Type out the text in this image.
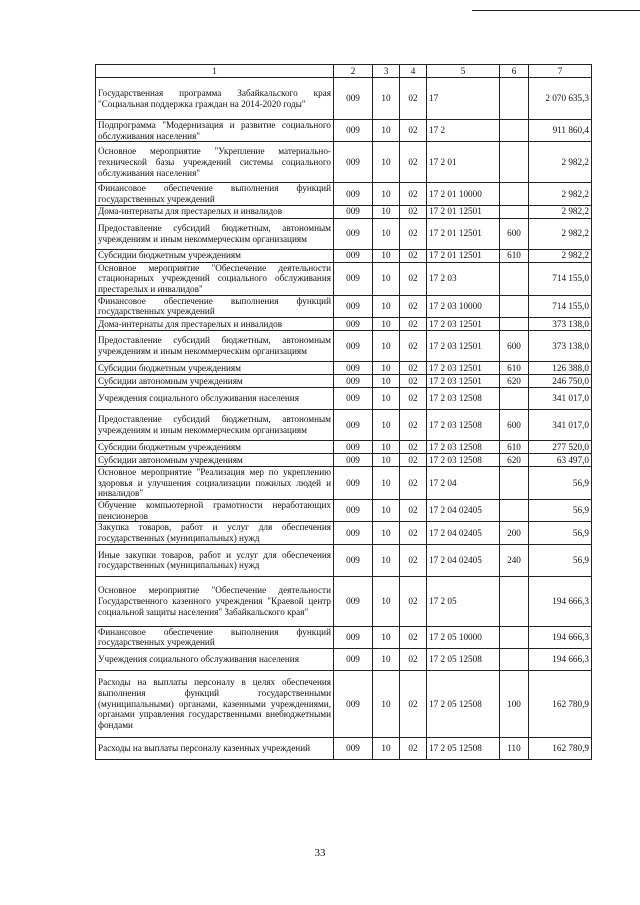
1	2	3	4	5	6	7
Государственная программа Забайкальского края "Социальная поддержка граждан на 2014-2020 годы"	009	10	02	17		2 070 635,3
Подпрограмма "Модернизация и развитие социального обслуживания населения"	009	10	02	17 2		911 860,4
Основное мероприятие "Укрепление материально-технической базы учреждений системы социального обслуживания населения"	009	10	02	17 2 01		2 982,2
Финансовое обеспечение выполнения функций государственных учреждений	009	10	02	17 2 01 10000		2 982,2
Дома-интернаты для престарелых и инвалидов	009	10	02	17 2 01 12501		2 982,2
Предоставление субсидий бюджетным, автономным учреждениям и иным некоммерческим организациям	009	10	02	17 2 01 12501	600	2 982,2
Субсидии бюджетным учреждениям	009	10	02	17 2 01 12501	610	2 982,2
Основное мероприятие "Обеспечение деятельности стационарных учреждений социального обслуживания престарелых и инвалидов"	009	10	02	17 2 03		714 155,0
Финансовое обеспечение выполнения функций государственных учреждений	009	10	02	17 2 03 10000		714 155,0
Дома-интернаты для престарелых и инвалидов	009	10	02	17 2 03 12501		373 138,0
Предоставление субсидий бюджетным, автономным учреждениям и иным некоммерческим организациям	009	10	02	17 2 03 12501	600	373 138,0
Субсидии бюджетным учреждениям	009	10	02	17 2 03 12501	610	126 388,0
Субсидии автономным учреждениям	009	10	02	17 2 03 12501	620	246 750,0
Учреждения социального обслуживания населения	009	10	02	17 2 03 12508		341 017,0
Предоставление субсидий бюджетным, автономным учреждениям и иным некоммерческим организациям	009	10	02	17 2 03 12508	600	341 017,0
Субсидии бюджетным учреждениям	009	10	02	17 2 03 12508	610	277 520,0
Субсидии автономным учреждениям	009	10	02	17 2 03 12508	620	63 497,0
Основное мероприятие "Реализация мер по укреплению здоровья и улучшения социализации пожилых людей и инвалидов"	009	10	02	17 2 04		56,9
Обучение компьютерной грамотности неработающих пенсионеров	009	10	02	17 2 04 02405		56,9
Закупка товаров, работ и услуг для обеспечения государственных (муниципальных) нужд	009	10	02	17 2 04 02405	200	56,9
Иные закупки товаров, работ и услуг для обеспечения государственных (муниципальных) нужд	009	10	02	17 2 04 02405	240	56,9
Основное мероприятие "Обеспечение деятельности Государственного казенного учреждения "Краевой центр социальной защиты населения" Забайкальского края"	009	10	02	17 2 05		194 666,3
Финансовое обеспечение выполнения функций государственных учреждений	009	10	02	17 2 05 10000		194 666,3
Учреждения социального обслуживания населения	009	10	02	17 2 05 12508		194 666,3
Расходы на выплаты персоналу в целях обеспечения выполнения функций государственными (муниципальными) органами, казенными учреждениями, органами управления государственными внебюджетными фондами	009	10	02	17 2 05 12508	100	162 780,9
Расходы на выплаты персоналу казенных учреждений	009	10	02	17 2 05 12508	110	162 780,9
33
